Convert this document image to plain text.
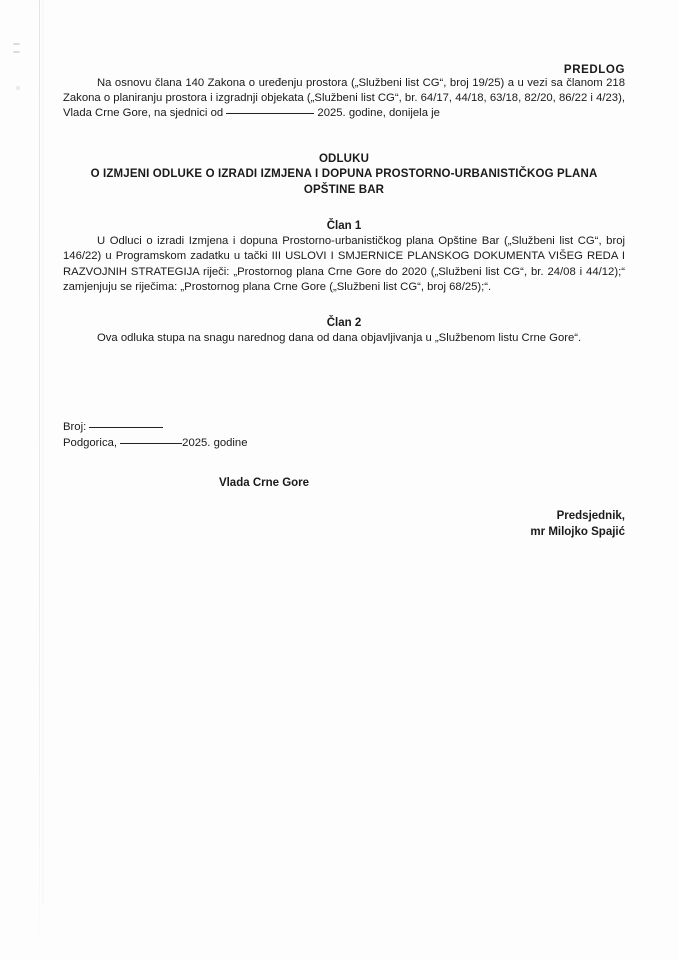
PREDLOG

Na osnovu člana 140 Zakona o uređenju prostora („Službeni list CG“, broj 19/25) a u vezi sa članom 218 Zakona o planiranju prostora i izgradnji objekata („Službeni list CG“, br. 64/17, 44/18, 63/18, 82/20, 86/22 i 4/23), Vlada Crne Gore, na sjednici od	2025. godine, donijela je

ODLUKU
O IZMJENI ODLUKE O IZRADI IZMJENA I DOPUNA PROSTORNO-URBANISTIČKOG PLANA
OPŠTINE BAR
Član 1

U Odluci o izradi Izmjena i dopuna Prostorno-urbanističkog plana Opštine Bar („Službeni list CG“, broj 146/22) u Programskom zadatku u tački III USLOVI I SMJERNICE PLANSKOG DOKUMENTA VIŠEG REDA I RAZVOJNIH STRATEGIJA riječi: „Prostornog plana Crne Gore do 2020 („Službeni list CG“, br. 24/08 i 44/12);“ zamjenjuju se riječima: „Prostornog plana Crne Gore („Službeni list CG“, broj 68/25);“.

Član 2

Ova odluka stupa na snagu narednog dana od dana objavljivanja u „Službenom listu Crne Gore“.

Broj:
Podgorica,	2025. godine
Vlada Crne Gore
Predsjednik,
mr Milojko Spajić
